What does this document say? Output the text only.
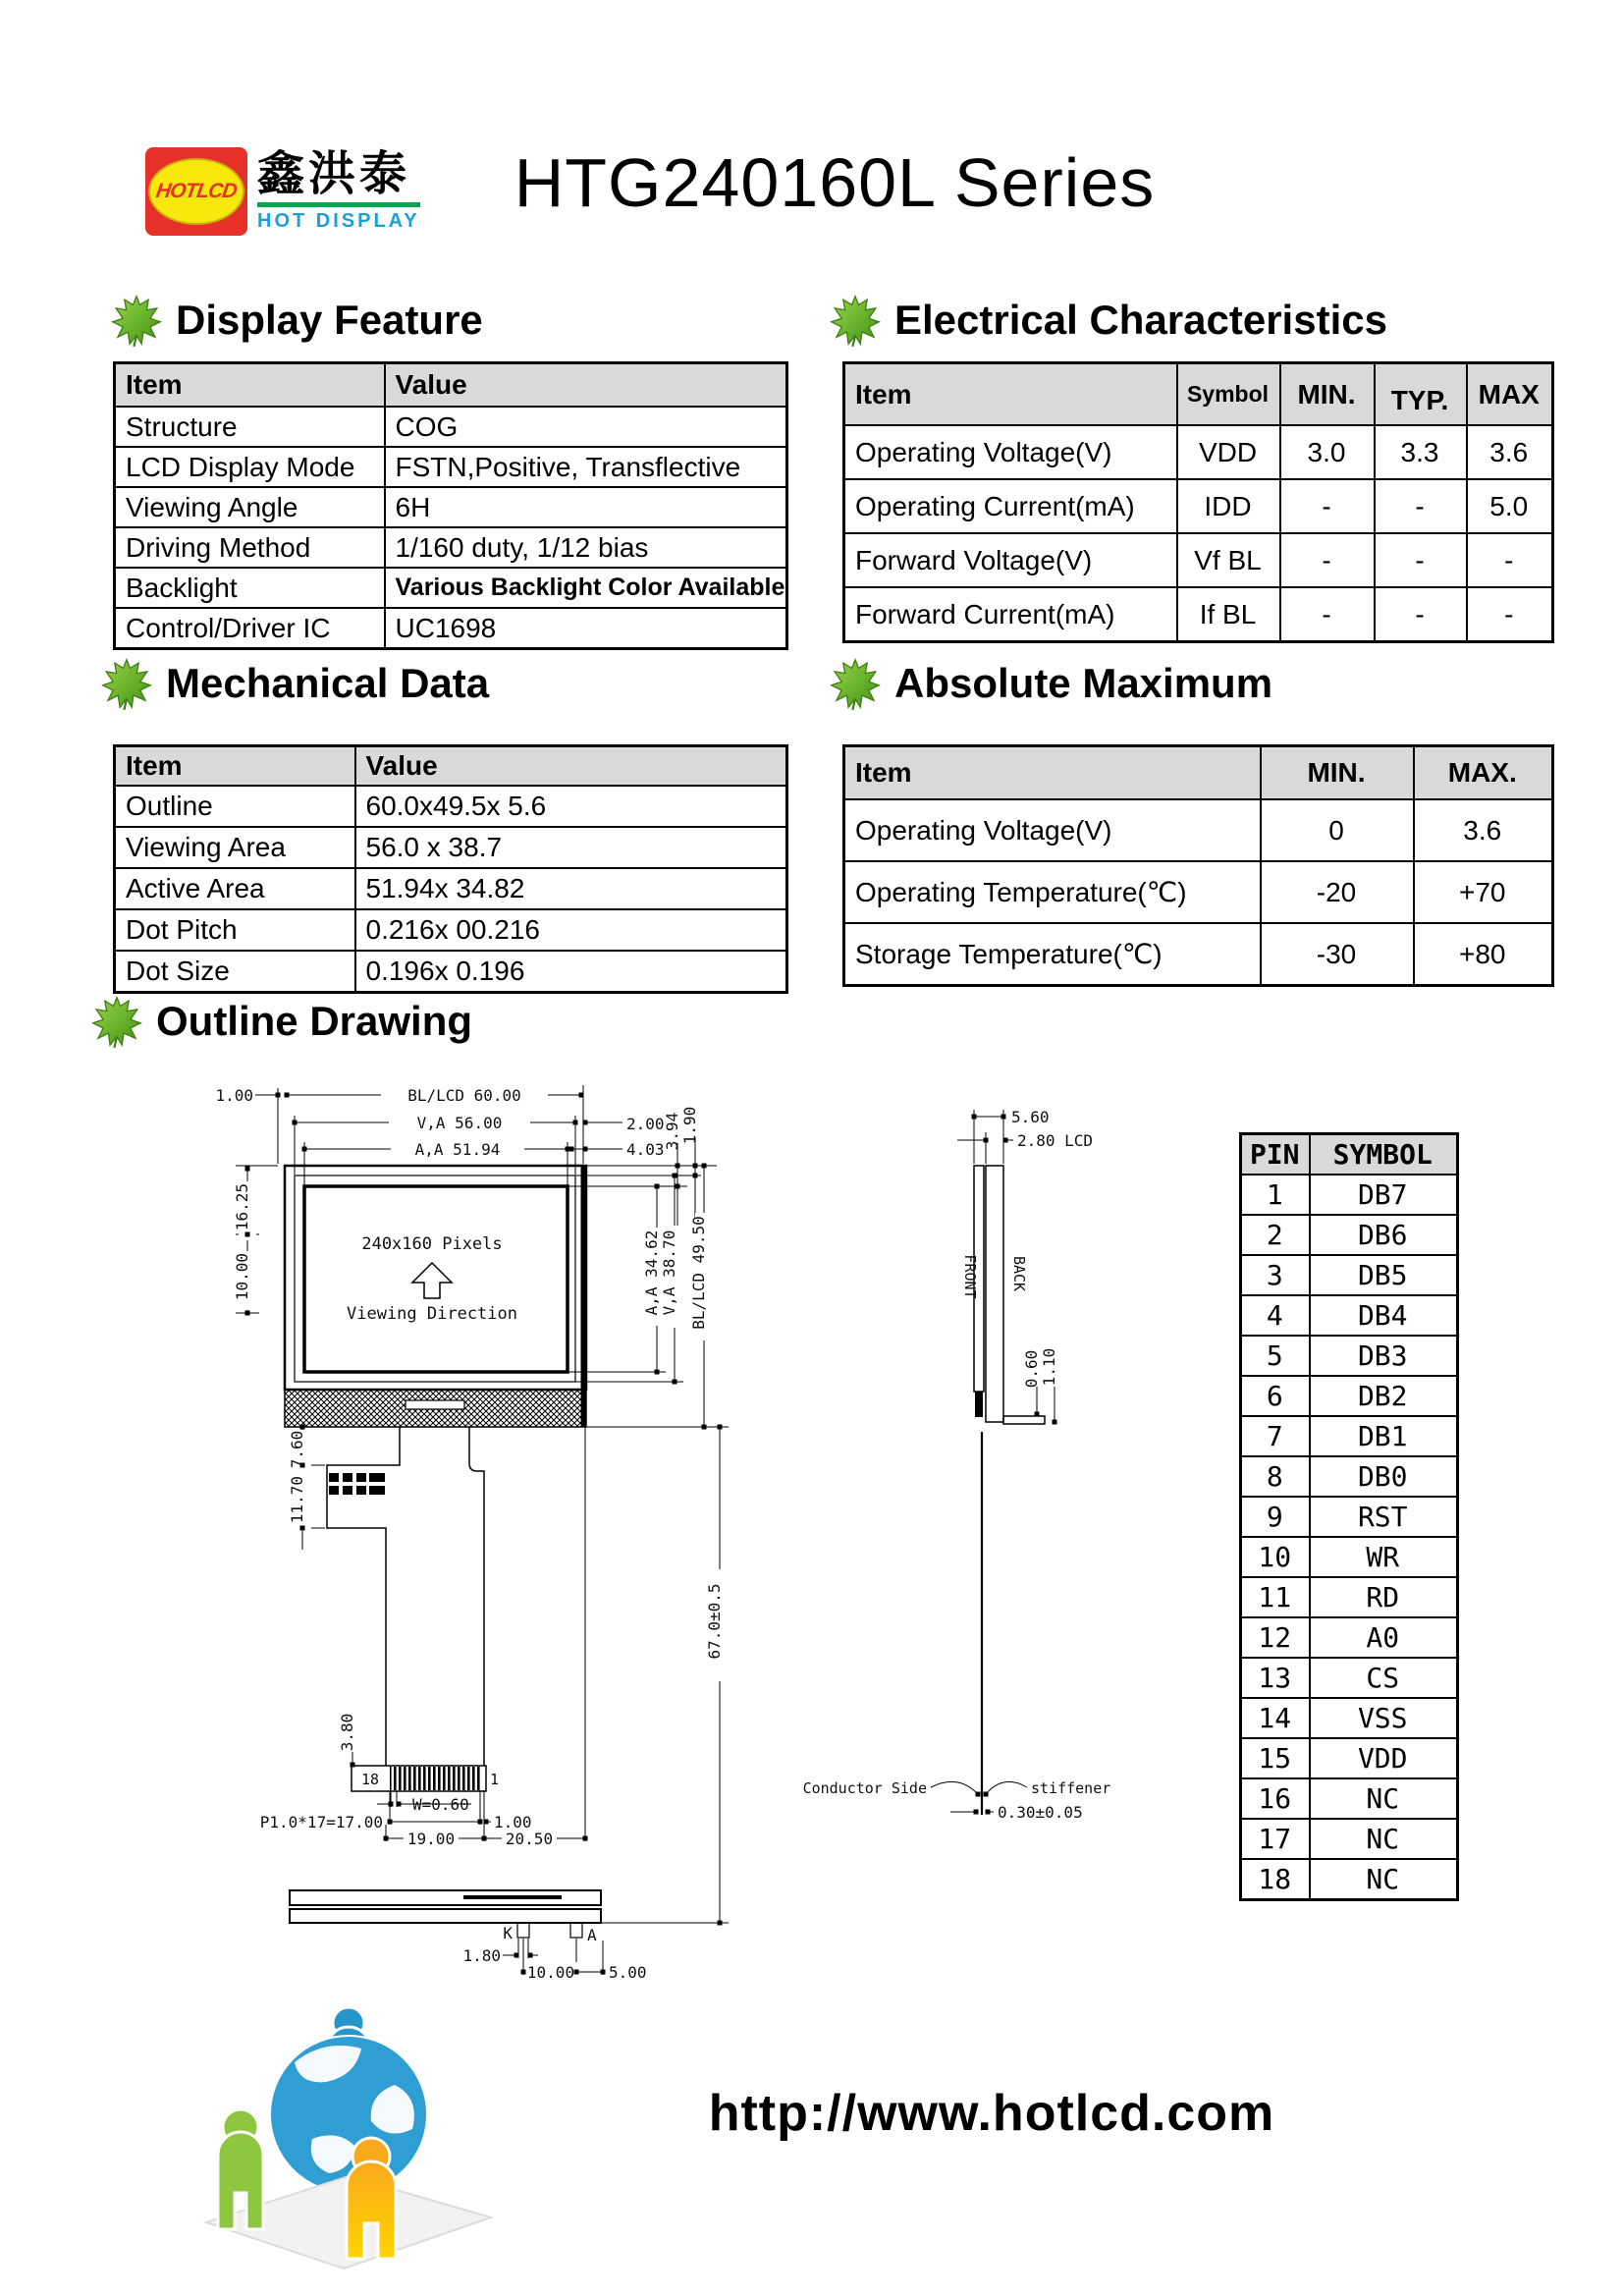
HOTLCD 鑫洪泰
HOT DISPLAY
HTG240160L Series
Display Feature	Electrical Characteristics
Mechanical Data	Absolute Maximum
Outline Drawing
Item	Value
Structure	COG
LCD Display Mode	FSTN,Positive, Transflective
Viewing Angle	6H
Driving Method	1/160 duty, 1/12 bias
Backlight	Various Backlight Color Available
Control/Driver IC	UC1698
Item	Symbol	MIN.	TYP.	MAX
Operating Voltage(V)	VDD	3.0	3.3	3.6
Operating Current(mA)	IDD	-	-	5.0
Forward Voltage(V)	Vf BL	-	-	-
Forward Current(mA)	If BL	-	-	-
Item	Value
Outline	60.0x49.5x 5.6
Viewing Area	56.0 x 38.7
Active Area	51.94x 34.82
Dot Pitch	0.216x 00.216
Dot Size	0.196x 0.196
Item	MIN.	MAX.
Operating Voltage(V)	0	3.6
Operating Temperature(℃)	-20	+70
Storage Temperature(℃)	-30	+80
1.00	BL/LCD 60.00
V,A 56.00	2.00
A,A 51.94	4.03
3.94 1.90
16.25
10.00
240x160 Pixels
Viewing Direction	A,A 34.62 V,A 38.70 BL/LCD 49.50
7.60
11.70
67.0±0.5
3.80
18	1
W=0.60
P1.0*17=17.00
19.00
1.00
20.50
5.60
2.80 LCD
FRONT BACK
0.60 1.10
Conductor Side	stiffener
0.30±0.05
K	A
1.80
10.00 5.00
PIN	SYMBOL
1	DB7
2	DB6
3	DB5
4	DB4
5	DB3
6	DB2
7	DB1
8	DB0
9	RST
10	WR
11	RD
12	A0
13	CS
14	VSS
15	VDD
16	NC
17	NC
18	NC
http://www.hotlcd.com
